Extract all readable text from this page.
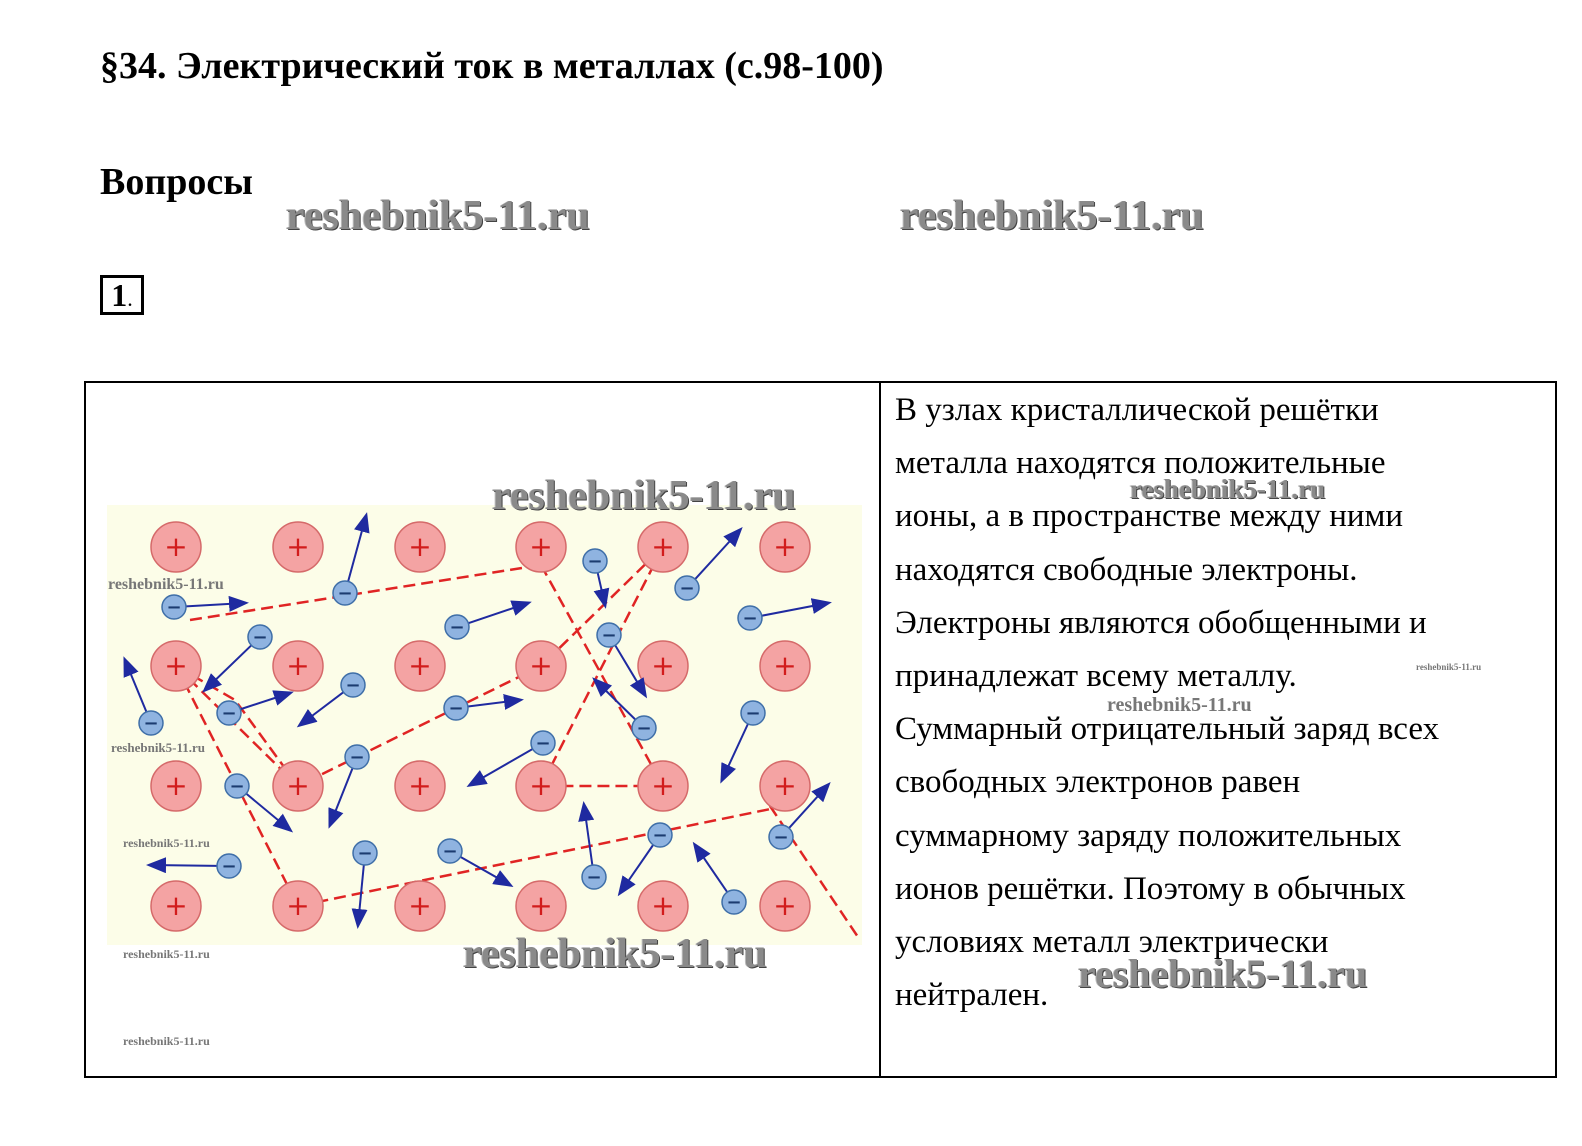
§34. Электрический ток в металлах (с.98-100)
Вопросы
reshebnik5-11.ru	reshebnik5-11.ru
1.
+
+
+
+
+
+
+
+
+
+
+
+
+
+
+
+
+
+
+
+
+
+
+
+
−
−
−
−
−
−	−
−
−	−
−
−
−
−
−
−
−
−	−
−
−
−
−
−
reshebnik5-11.ru
reshebnik5-11.ru
reshebnik5-11.ru
reshebnik5-11.ru
reshebnik5-11.ru
reshebnik5-11.ru
reshebnik5-11.ru
В узлах кристаллической решётки
металла находятся положительные
ионы, а в пространстве между ними
находятся свободные электроны.
Электроны являются обобщенными и
принадлежат всему металлу.
Суммарный отрицательный заряд всех
свободных электронов равен
суммарному заряду положительных
ионов решётки. Поэтому в обычных
условиях металл электрически
нейтрален.
reshebnik5-11.ru
reshebnik5-11.ru
reshebnik5-11.ru
reshebnik5-11.ru
